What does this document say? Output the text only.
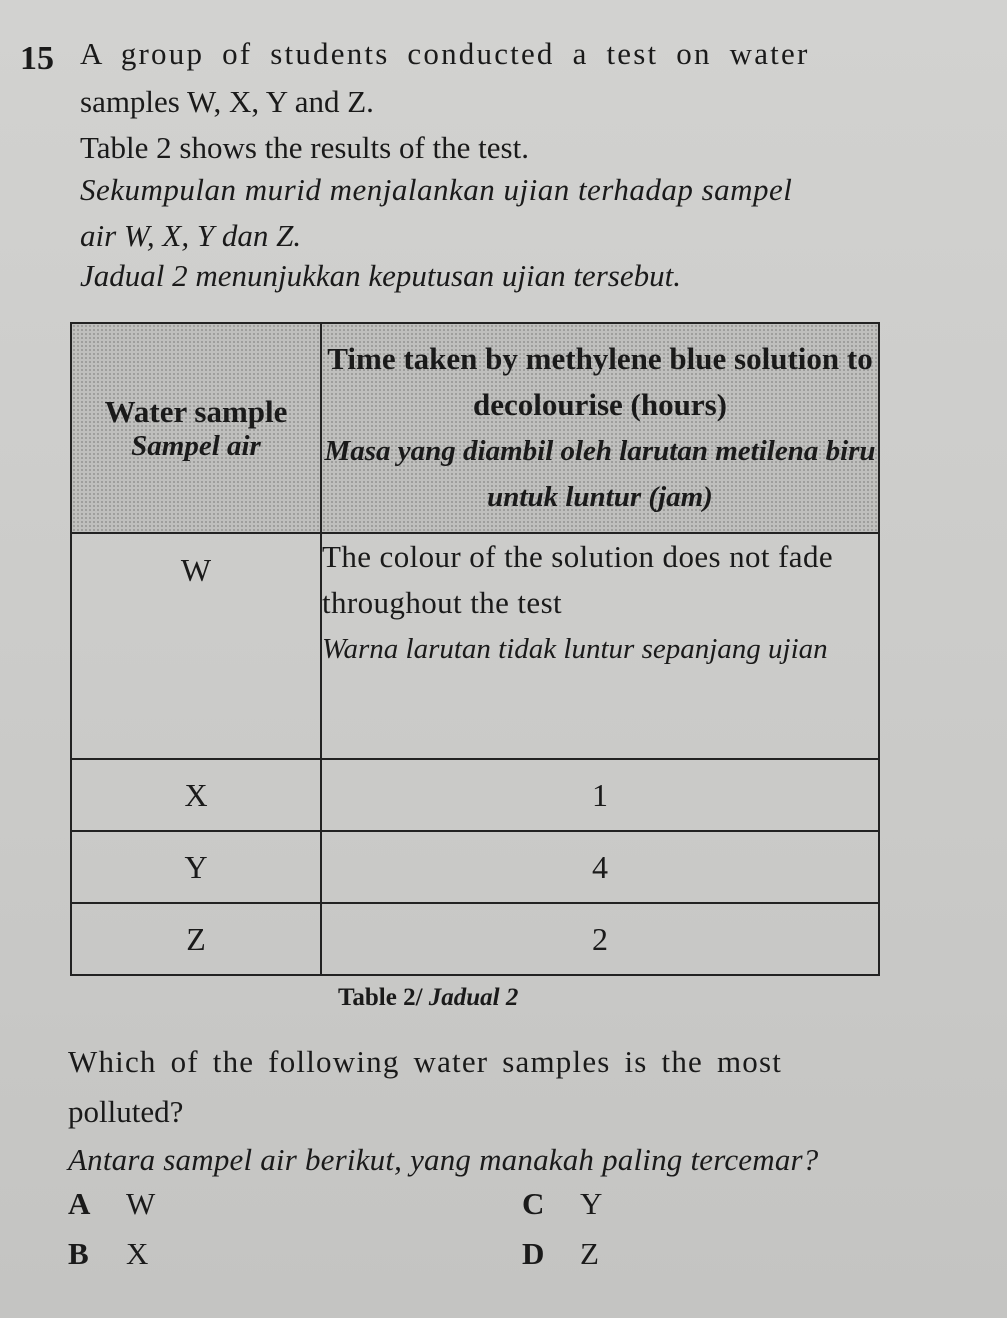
15 A group of students conducted a test on water
samples W, X, Y and Z.
Table 2 shows the results of the test.
Sekumpulan murid menjalankan ujian terhadap sampel
air W, X, Y dan Z.
Jadual 2 menunjukkan keputusan ujian tersebut.
Water sample
Sampel air	Time taken by methylene blue solution to decolourise (hours)
Masa yang diambil oleh larutan metilena biru untuk luntur (jam)

W	The colour of the solution does not fade throughout the test
Warna larutan tidak luntur sepanjang ujian

X	1
Y	4
Z	2
Table 2/ Jadual 2
Which of the following water samples is the most
polluted?
Antara sampel air berikut, yang manakah paling tercemar?
A W
B X
C Y
D Z
